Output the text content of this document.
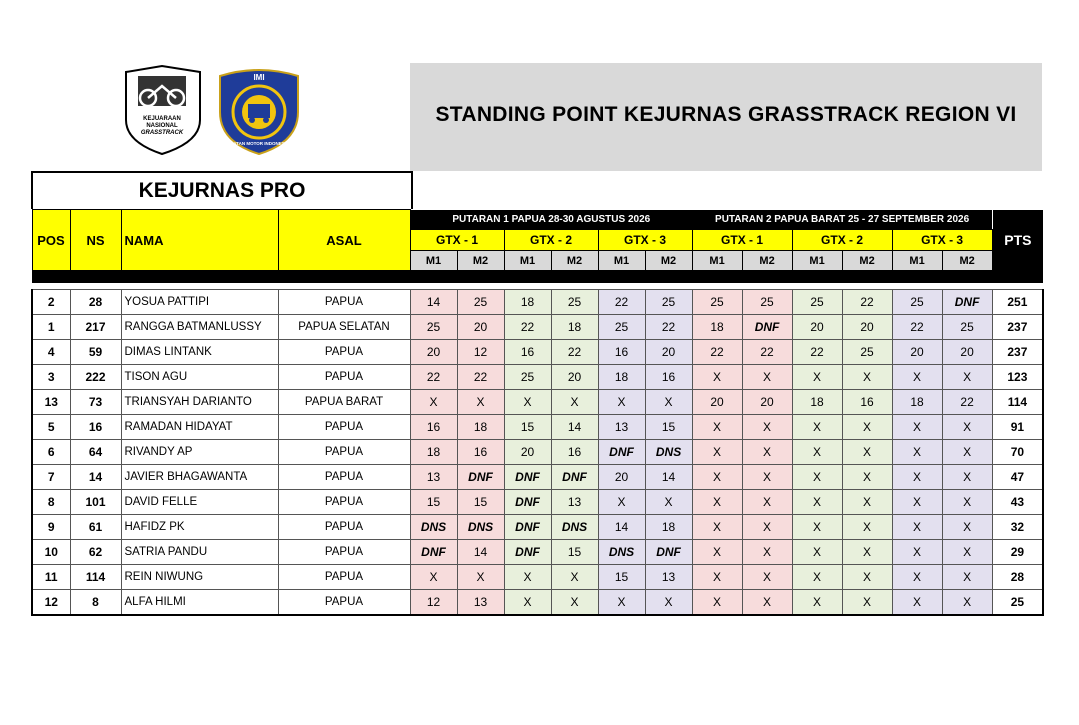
KEJUARAAN
NASIONAL
GRASSTRACK
IMI
IKATAN MOTOR INDONESIA
STANDING POINT KEJURNAS GRASSTRACK REGION VI
KEJURNAS PRO
POS	NS	NAMA	ASAL	PUTARAN 1 PAPUA 28-30 AGUSTUS 2026						PUTARAN 2 PAPUA BARAT 25 - 27 SEPTEMBER 2026						PTS
				GTX - 1		GTX - 2		GTX - 3		GTX - 1		GTX - 2		GTX - 3		
				M1	M2	M1	M2	M1	M2	M1	M2	M1	M2	M1	M2	

2	28	YOSUA PATTIPI	PAPUA	14	25	18	25	22	25	25	25	25	22	25	DNF	251
1	217	RANGGA BATMANLUSSY	PAPUA SELATAN	25	20	22	18	25	22	18	DNF	20	20	22	25	237
4	59	DIMAS LINTANK	PAPUA	20	12	16	22	16	20	22	22	22	25	20	20	237
3	222	TISON AGU	PAPUA	22	22	25	20	18	16	X	X	X	X	X	X	123
13	73	TRIANSYAH DARIANTO	PAPUA BARAT	X	X	X	X	X	X	20	20	18	16	18	22	114
5	16	RAMADAN HIDAYAT	PAPUA	16	18	15	14	13	15	X	X	X	X	X	X	91
6	64	RIVANDY AP	PAPUA	18	16	20	16	DNF	DNS	X	X	X	X	X	X	70
7	14	JAVIER BHAGAWANTA	PAPUA	13	DNF	DNF	DNF	20	14	X	X	X	X	X	X	47
8	101	DAVID FELLE	PAPUA	15	15	DNF	13	X	X	X	X	X	X	X	X	43
9	61	HAFIDZ PK	PAPUA	DNS	DNS	DNF	DNS	14	18	X	X	X	X	X	X	32
10	62	SATRIA PANDU	PAPUA	DNF	14	DNF	15	DNS	DNF	X	X	X	X	X	X	29
11	114	REIN NIWUNG	PAPUA	X	X	X	X	15	13	X	X	X	X	X	X	28
12	8	ALFA HILMI	PAPUA	12	13	X	X	X	X	X	X	X	X	X	X	25
